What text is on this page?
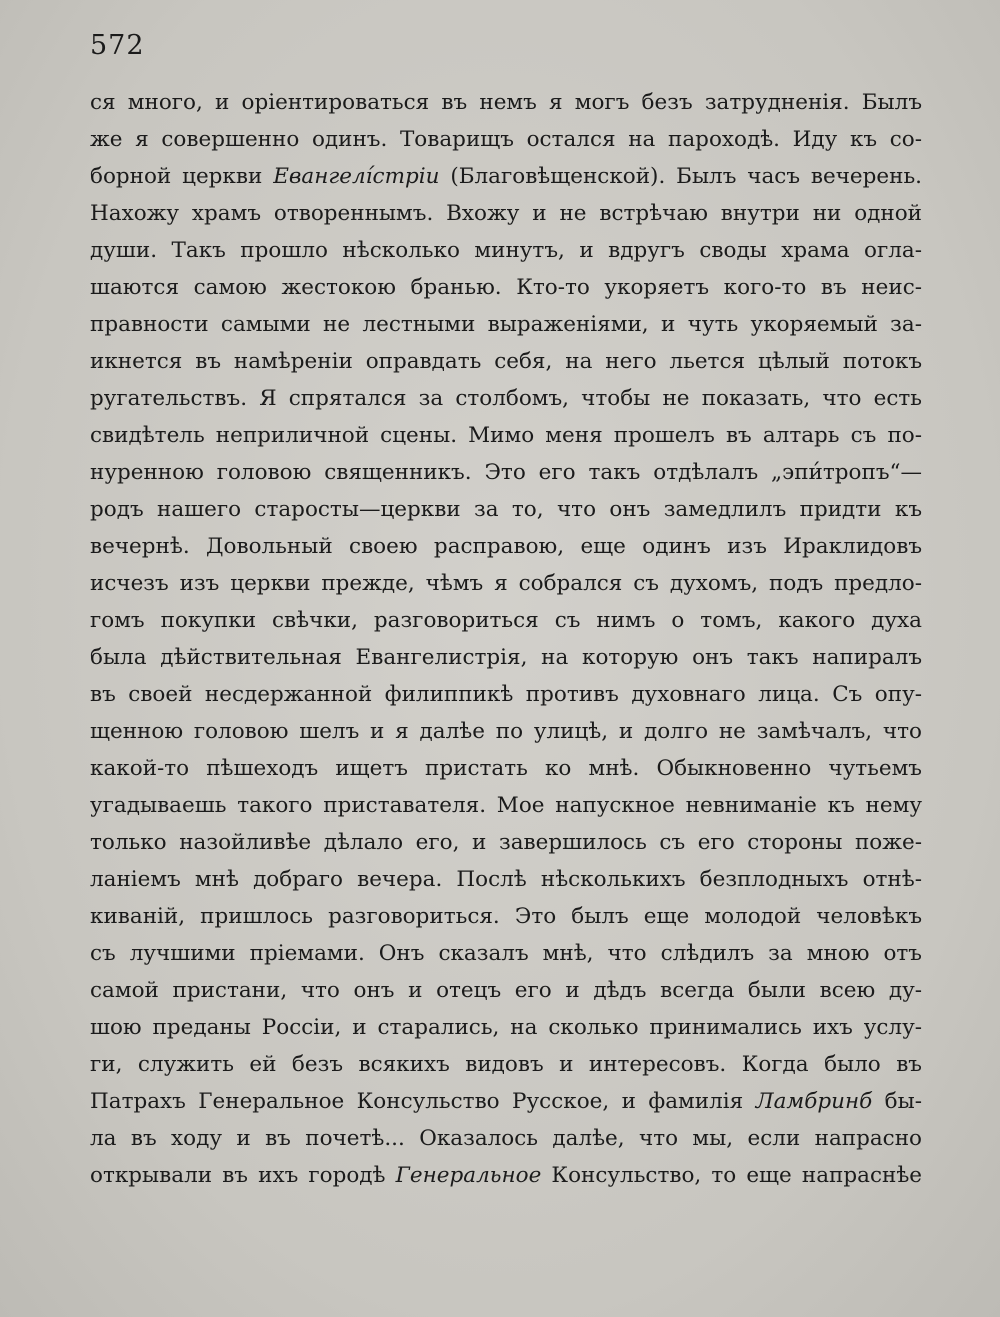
572
ся много, и оріентироваться въ немъ я могъ безъ затрудненія. Былъ
же я совершенно одинъ. Товарищъ остался на пароходѣ. Иду къ со-
борной церкви Евангелі́стріи (Благовѣщенской). Былъ часъ вечерень.
Нахожу храмъ отвореннымъ. Вхожу и не встрѣчаю внутри ни одной
души. Такъ прошло нѣсколько минутъ, и вдругъ своды храма огла-
шаются самою жестокою бранью. Кто-то укоряетъ кого-то въ неис-
правности самыми не лестными выраженіями, и чуть укоряемый за-
икнется въ намѣреніи оправдать себя, на него льется цѣлый потокъ
ругательствъ. Я спрятался за столбомъ, чтобы не показать, что есть
свидѣтель неприличной сцены. Мимо меня прошелъ въ алтарь съ по-
нуренною головою священникъ. Это его такъ отдѣлалъ „эпи́тропъ“—
родъ нашего старосты—церкви за то, что онъ замедлилъ придти къ
вечернѣ. Довольный своею расправою, еще одинъ изъ Ираклидовъ
исчезъ изъ церкви прежде, чѣмъ я собрался съ духомъ, подъ предло-
гомъ покупки свѣчки, разговориться съ нимъ о томъ, какого духа
была дѣйствительная Евангелистрія, на которую онъ такъ напиралъ
въ своей несдержанной филиппикѣ противъ духовнаго лица. Съ опу-
щенною головою шелъ и я далѣе по улицѣ, и долго не замѣчалъ, что
какой-то пѣшеходъ ищетъ пристать ко мнѣ. Обыкновенно чутьемъ
угадываешь такого приставателя. Мое напускное невниманіе къ нему
только назойливѣе дѣлало его, и завершилось съ его стороны поже-
ланіемъ мнѣ добраго вечера. Послѣ нѣсколькихъ безплодныхъ отнѣ-
киваній, пришлось разговориться. Это былъ еще молодой человѣкъ
съ лучшими пріемами. Онъ сказалъ мнѣ, что слѣдилъ за мною отъ
самой пристани, что онъ и отецъ его и дѣдъ всегда были всею ду-
шою преданы Россіи, и старались, на сколько принимались ихъ услу-
ги, служить ей безъ всякихъ видовъ и интересовъ. Когда было въ
Патрахъ Генеральное Консульство Русское, и фамилія Ламбринб бы-
ла въ ходу и въ почетѣ... Оказалось далѣе, что мы, если напрасно
открывали въ ихъ городѣ Генеральное Консульство, то еще напраснѣе
